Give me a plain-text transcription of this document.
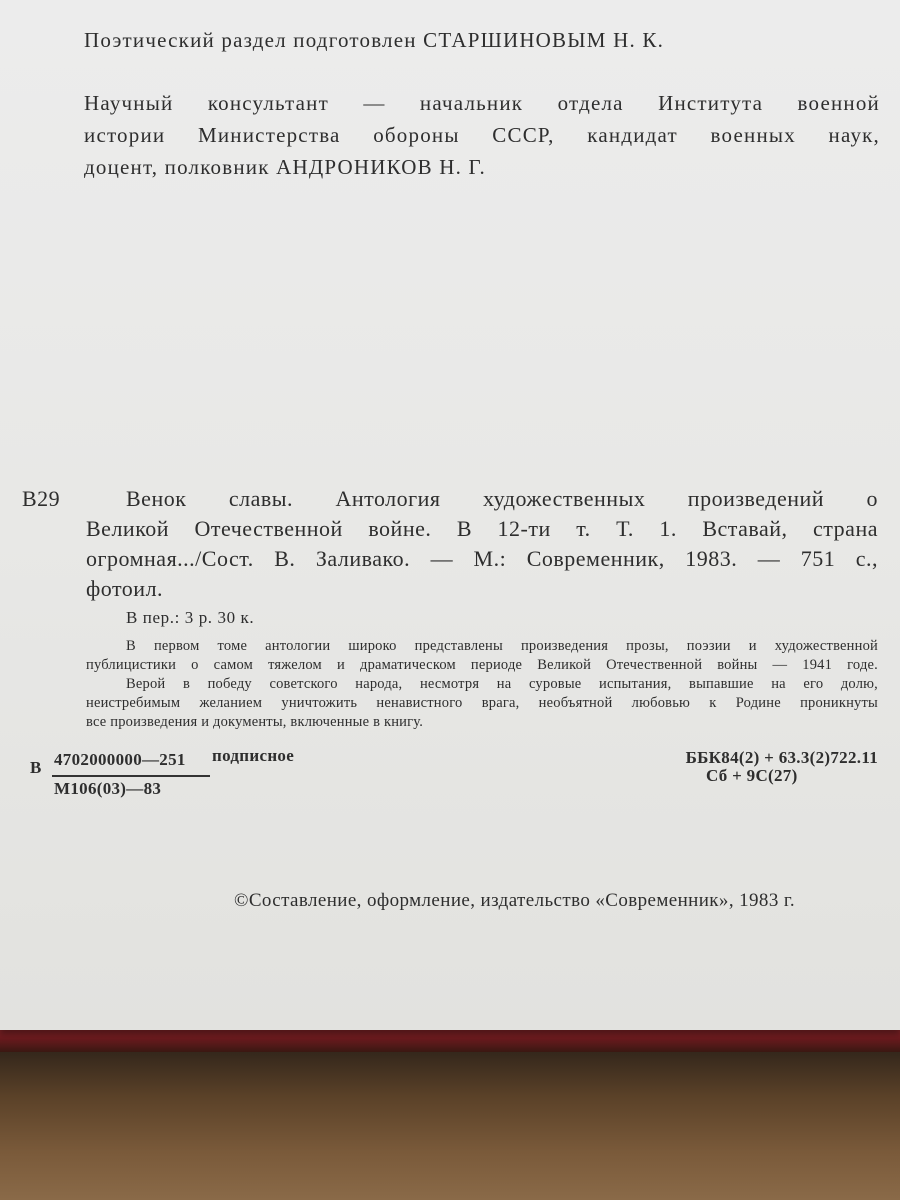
Поэтический раздел подготовлен СТАРШИНОВЫМ Н. К.
Научный консультант — начальник отдела Института военной
истории Министерства обороны СССР, кандидат военных наук,
доцент, полковник АНДРОНИКОВ Н. Г.
В29	Венок славы. Антология художественных произведений о
Великой Отечественной войне. В 12-ти т. Т. 1. Вставай, страна
огромная.../Сост. В. Заливако. — М.: Современник, 1983. — 751 с.,
фотоил.
В пер.: 3 р. 30 к.
В первом томе антологии широко представлены произведения прозы, поэзии и художественной
публицистики о самом тяжелом и драматическом периоде Великой Отечественной войны — 1941 годе.
Верой в победу советского народа, несмотря на суровые испытания, выпавшие на его долю,
неистребимым желанием уничтожить ненавистного врага, необъятной любовью к Родине проникнуты
все произведения и документы, включенные в книгу.
В 4702000000—251
М106(03)—83
подписное	ББК84(2) + 63.3(2)722.11
Сб + 9С(27)
©Составление, оформление, издательство «Современник», 1983 г.
